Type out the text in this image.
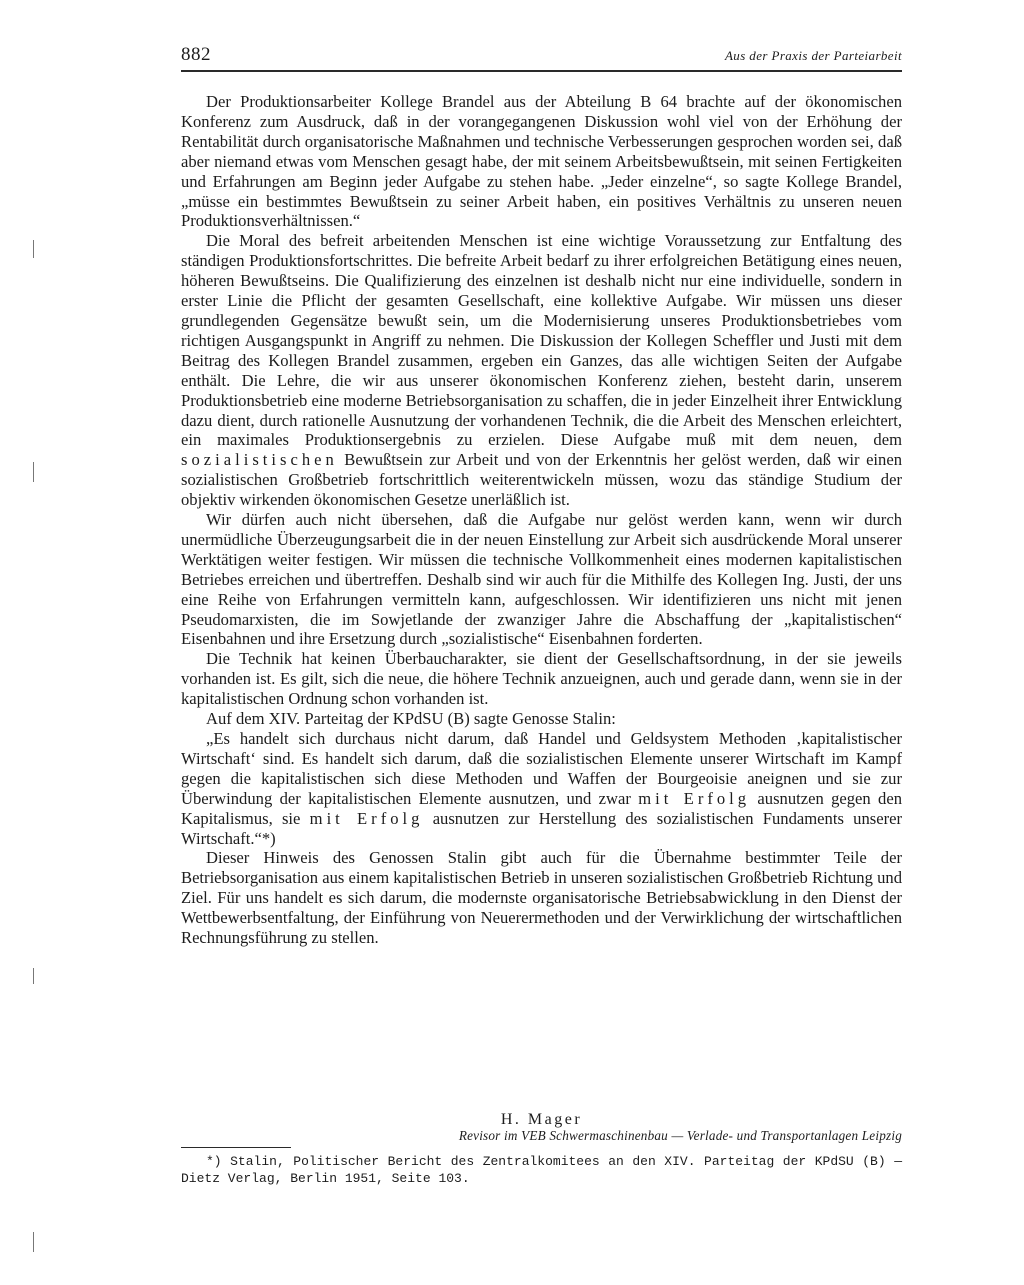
882	Aus der Praxis der Parteiarbeit

Der Produktionsarbeiter Kollege Brandel aus der Abteilung B 64 brachte auf der ökonomischen Konferenz zum Ausdruck, daß in der vorangegangenen Diskussion wohl viel von der Erhöhung der Rentabilität durch organisatorische Maßnahmen und technische Verbesserungen gesprochen worden sei, daß aber niemand etwas vom Menschen gesagt habe, der mit seinem Arbeitsbewußtsein, mit seinen Fertigkeiten und Erfahrungen am Beginn jeder Aufgabe zu stehen habe. „Jeder einzelne“, so sagte Kollege Brandel, „müsse ein bestimmtes Bewußtsein zu seiner Arbeit haben, ein positives Verhältnis zu unseren neuen Produktionsverhältnissen.“

Die Moral des befreit arbeitenden Menschen ist eine wichtige Voraussetzung zur Entfaltung des ständigen Produktionsfortschrittes. Die befreite Arbeit bedarf zu ihrer erfolgreichen Betätigung eines neuen, höheren Bewußtseins. Die Qualifizierung des einzelnen ist deshalb nicht nur eine individuelle, sondern in erster Linie die Pflicht der gesamten Gesellschaft, eine kollektive Aufgabe. Wir müssen uns dieser grundlegenden Gegensätze bewußt sein, um die Modernisierung unseres Produktionsbetriebes vom richtigen Ausgangspunkt in Angriff zu nehmen. Die Diskussion der Kollegen Scheffler und Justi mit dem Beitrag des Kollegen Brandel zusammen, ergeben ein Ganzes, das alle wichtigen Seiten der Aufgabe enthält. Die Lehre, die wir aus unserer ökonomischen Konferenz ziehen, besteht darin, unserem Produktionsbetrieb eine moderne Betriebsorganisation zu schaffen, die in jeder Einzelheit ihrer Entwicklung dazu dient, durch rationelle Ausnutzung der vorhandenen Technik, die die Arbeit des Menschen erleichtert, ein maximales Produktionsergebnis zu erzielen. Diese Aufgabe muß mit dem neuen, dem sozialistischen Bewußtsein zur Arbeit und von der Erkenntnis her gelöst werden, daß wir einen sozialistischen Großbetrieb fortschrittlich weiterentwickeln müssen, wozu das ständige Studium der objektiv wirkenden ökonomischen Gesetze unerläßlich ist.

Wir dürfen auch nicht übersehen, daß die Aufgabe nur gelöst werden kann, wenn wir durch unermüdliche Überzeugungsarbeit die in der neuen Einstellung zur Arbeit sich ausdrückende Moral unserer Werktätigen weiter festigen. Wir müssen die technische Vollkommenheit eines modernen kapitalistischen Betriebes erreichen und übertreffen. Deshalb sind wir auch für die Mithilfe des Kollegen Ing. Justi, der uns eine Reihe von Erfahrungen vermitteln kann, aufgeschlossen. Wir identifizieren uns nicht mit jenen Pseudomarxisten, die im Sowjetlande der zwanziger Jahre die Abschaffung der „kapitalistischen“ Eisenbahnen und ihre Ersetzung durch „sozialistische“ Eisenbahnen forderten.

Die Technik hat keinen Überbaucharakter, sie dient der Gesellschaftsordnung, in der sie jeweils vorhanden ist. Es gilt, sich die neue, die höhere Technik anzueignen, auch und gerade dann, wenn sie in der kapitalistischen Ordnung schon vorhanden ist.

Auf dem XIV. Parteitag der KPdSU (B) sagte Genosse Stalin:

„Es handelt sich durchaus nicht darum, daß Handel und Geldsystem Methoden ‚kapitalistischer Wirtschaft‘ sind. Es handelt sich darum, daß die sozialistischen Elemente unserer Wirtschaft im Kampf gegen die kapitalistischen sich diese Methoden und Waffen der Bourgeoisie aneignen und sie zur Überwindung der kapitalistischen Elemente ausnutzen, und zwar mit Erfolg ausnutzen gegen den Kapitalismus, sie mit Erfolg ausnutzen zur Herstellung des sozialistischen Fundaments unserer Wirtschaft.“*)

Dieser Hinweis des Genossen Stalin gibt auch für die Übernahme bestimmter Teile der Betriebsorganisation aus einem kapitalistischen Betrieb in unseren sozialistischen Großbetrieb Richtung und Ziel. Für uns handelt es sich darum, die modernste organisatorische Betriebsabwicklung in den Dienst der Wettbewerbsentfaltung, der Einführung von Neuerermethoden und der Verwirklichung der wirtschaftlichen Rechnungsführung zu stellen.

H. Mager
Revisor im VEB Schwermaschinenbau — Verlade- und Transportanlagen Leipzig

*) Stalin, Politischer Bericht des Zentralkomitees an den XIV. Parteitag der KPdSU (B) — Dietz Verlag, Berlin 1951, Seite 103.
